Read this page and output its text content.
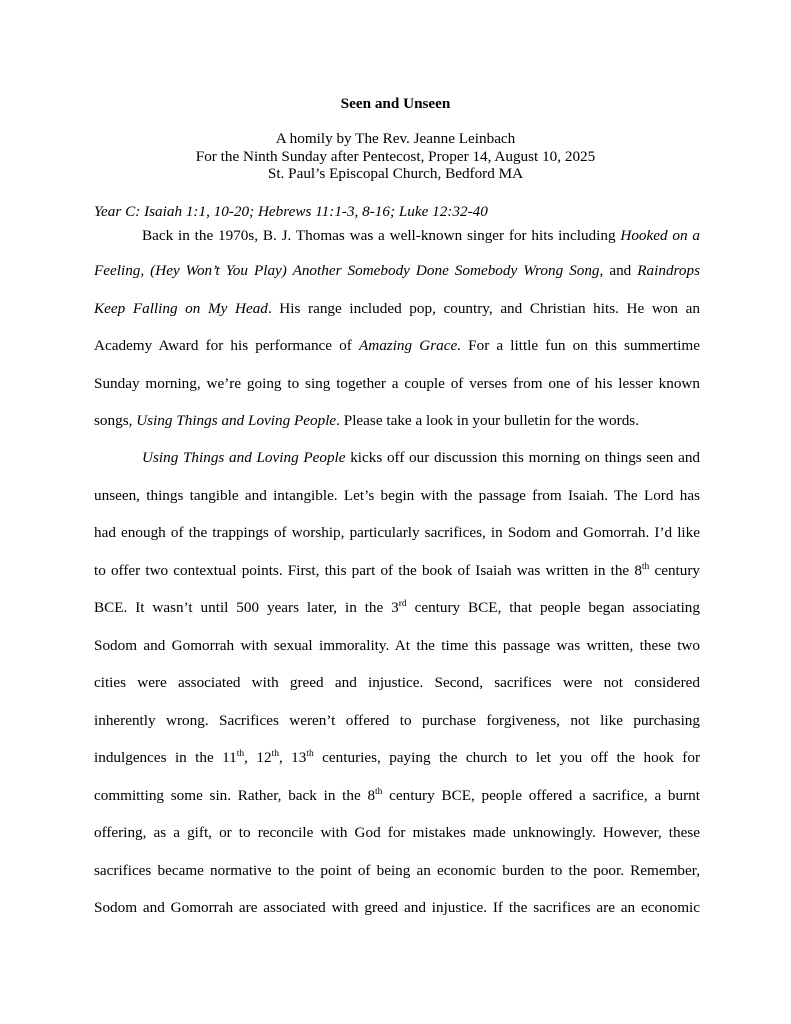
Seen and Unseen
A homily by The Rev. Jeanne Leinbach
For the Ninth Sunday after Pentecost, Proper 14, August 10, 2025
St. Paul’s Episcopal Church, Bedford MA
Year C: Isaiah 1:1, 10-20; Hebrews 11:1-3, 8-16; Luke 12:32-40
Back in the 1970s, B. J. Thomas was a well-known singer for hits including Hooked on a
Feeling, (Hey Won’t You Play) Another Somebody Done Somebody Wrong Song, and Raindrops
Keep Falling on My Head. His range included pop, country, and Christian hits. He won an
Academy Award for his performance of Amazing Grace. For a little fun on this summertime
Sunday morning, we’re going to sing together a couple of verses from one of his lesser known
songs, Using Things and Loving People. Please take a look in your bulletin for the words.
Using Things and Loving People kicks off our discussion this morning on things seen and
unseen, things tangible and intangible. Let’s begin with the passage from Isaiah. The Lord has
had enough of the trappings of worship, particularly sacrifices, in Sodom and Gomorrah. I’d like
to offer two contextual points. First, this part of the book of Isaiah was written in the 8th century
BCE. It wasn’t until 500 years later, in the 3rd century BCE, that people began associating
Sodom and Gomorrah with sexual immorality. At the time this passage was written, these two
cities were associated with greed and injustice. Second, sacrifices were not considered
inherently wrong. Sacrifices weren’t offered to purchase forgiveness, not like purchasing
indulgences in the 11th, 12th, 13th centuries, paying the church to let you off the hook for
committing some sin. Rather, back in the 8th century BCE, people offered a sacrifice, a burnt
offering, as a gift, or to reconcile with God for mistakes made unknowingly. However, these
sacrifices became normative to the point of being an economic burden to the poor. Remember,
Sodom and Gomorrah are associated with greed and injustice. If the sacrifices are an economic
